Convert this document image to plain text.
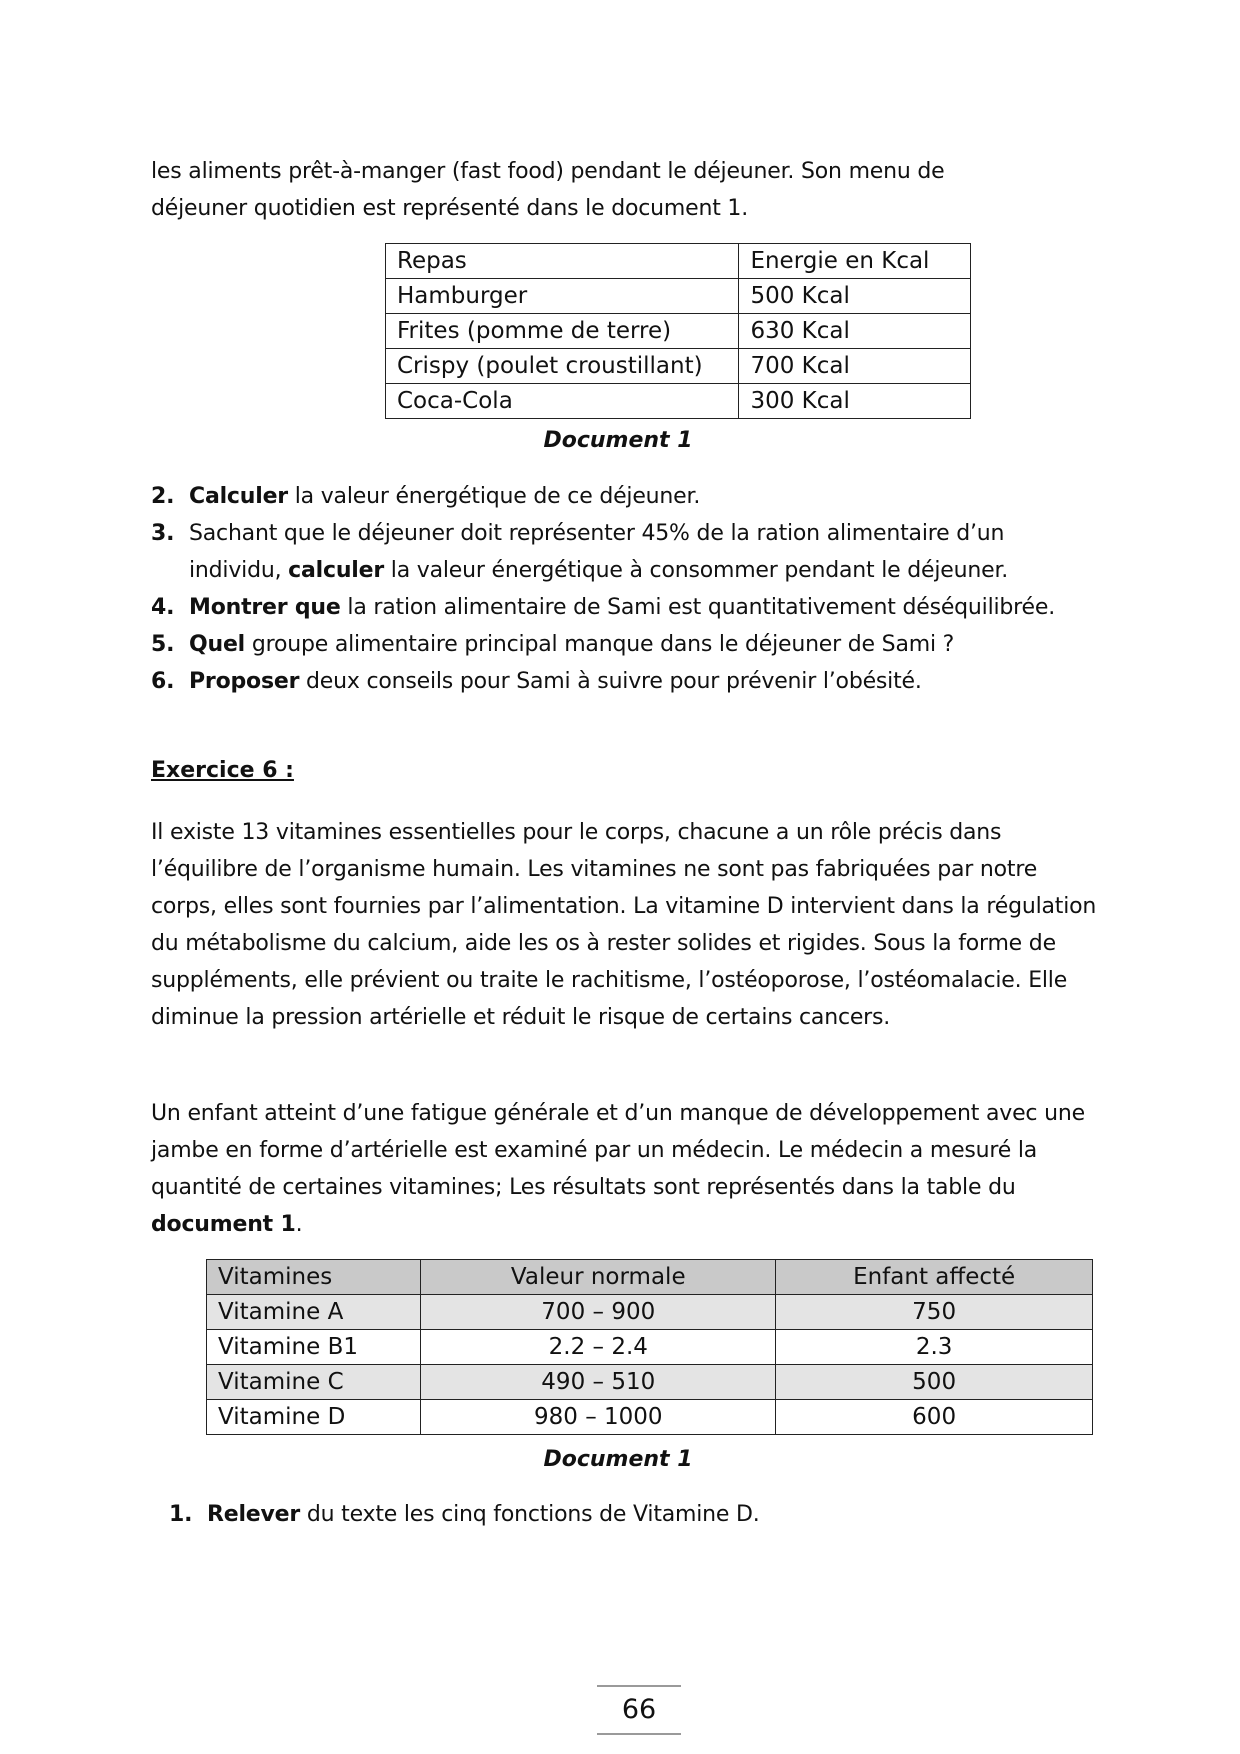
les aliments prêt-à-manger (fast food) pendant le déjeuner. Son menu de

déjeuner quotidien est représenté dans le document 1.

Repas	Energie en Kcal
Hamburger	500 Kcal
Frites (pomme de terre)	630 Kcal
Crispy (poulet croustillant)	700 Kcal
Coca-Cola	300 Kcal
Document 1
2. Calculer la valeur énergétique de ce déjeuner.
3. Sachant que le déjeuner doit représenter 45% de la ration alimentaire d’un individu, calculer la valeur énergétique à consommer pendant le déjeuner.
4. Montrer que la ration alimentaire de Sami est quantitativement déséquilibrée.
5. Quel groupe alimentaire principal manque dans le déjeuner de Sami ?
6. Proposer deux conseils pour Sami à suivre pour prévenir l’obésité.
Exercice 6 :

Il existe 13 vitamines essentielles pour le corps, chacune a un rôle précis dans l’équilibre de l’organisme humain. Les vitamines ne sont pas fabriquées par notre corps, elles sont fournies par l’alimentation. La vitamine D intervient dans la régulation du métabolisme du calcium, aide les os à rester solides et rigides. Sous la forme de suppléments, elle prévient ou traite le rachitisme, l’ostéoporose, l’ostéomalacie. Elle diminue la pression artérielle et réduit le risque de certains cancers.

Un enfant atteint d’une fatigue générale et d’un manque de développement avec une jambe en forme d’artérielle est examiné par un médecin. Le médecin a mesuré la quantité de certaines vitamines; Les résultats sont représentés dans la table du document 1.

Vitamines	Valeur normale	Enfant affecté
Vitamine A	700 – 900	750
Vitamine B1	2.2 – 2.4	2.3
Vitamine C	490 – 510	500
Vitamine D	980 – 1000	600
Document 1
1. Relever du texte les cinq fonctions de Vitamine D.
66
